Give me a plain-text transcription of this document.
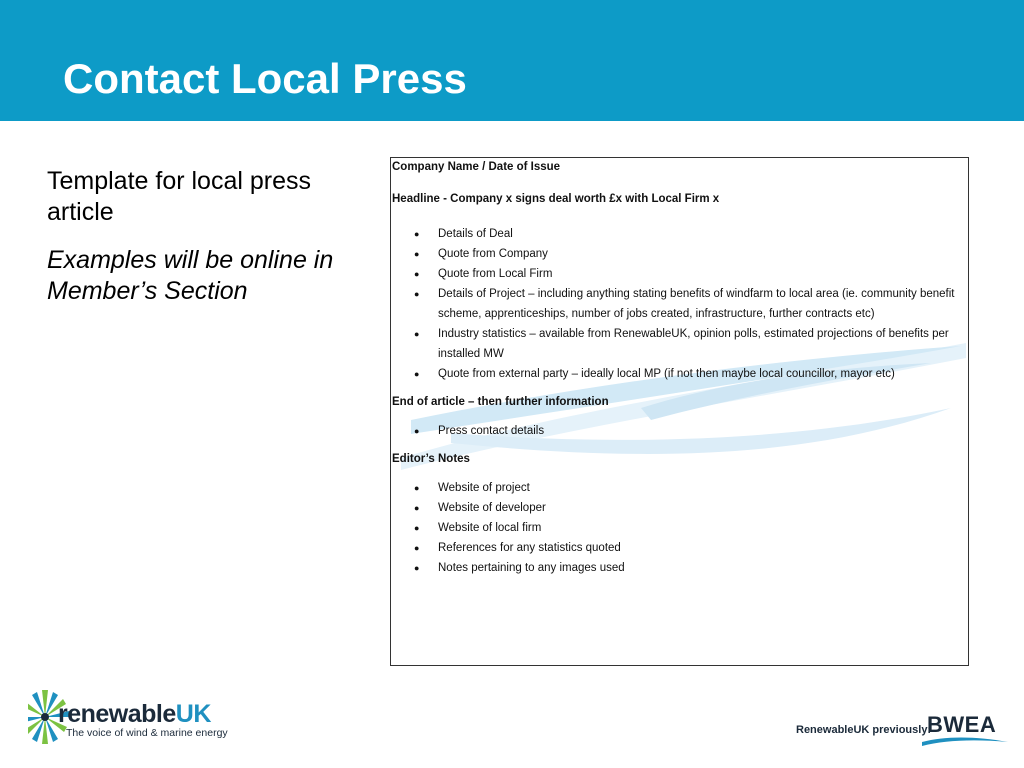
Contact Local Press

Template for local press article

Examples will be online in Member’s Section

Company Name / Date of Issue

Headline - Company x signs deal worth £x with Local Firm x

● Details of Deal
● Quote from Company
● Quote from Local Firm
● Details of Project – including anything stating benefits of windfarm to local area (ie. community benefit scheme, apprenticeships, number of jobs created, infrastructure, further contracts etc)
● Industry statistics – available from RenewableUK, opinion polls, estimated projections of benefits per installed MW
● Quote from external party – ideally local MP (if not then maybe local councillor, mayor etc)

End of article – then further information

● Press contact details

Editor’s Notes

● Website of project
● Website of developer
● Website of local firm
● References for any statistics quoted
● Notes pertaining to any images used
renewableUK
The voice of wind & marine energy	RenewableUK previously:
BWEA
